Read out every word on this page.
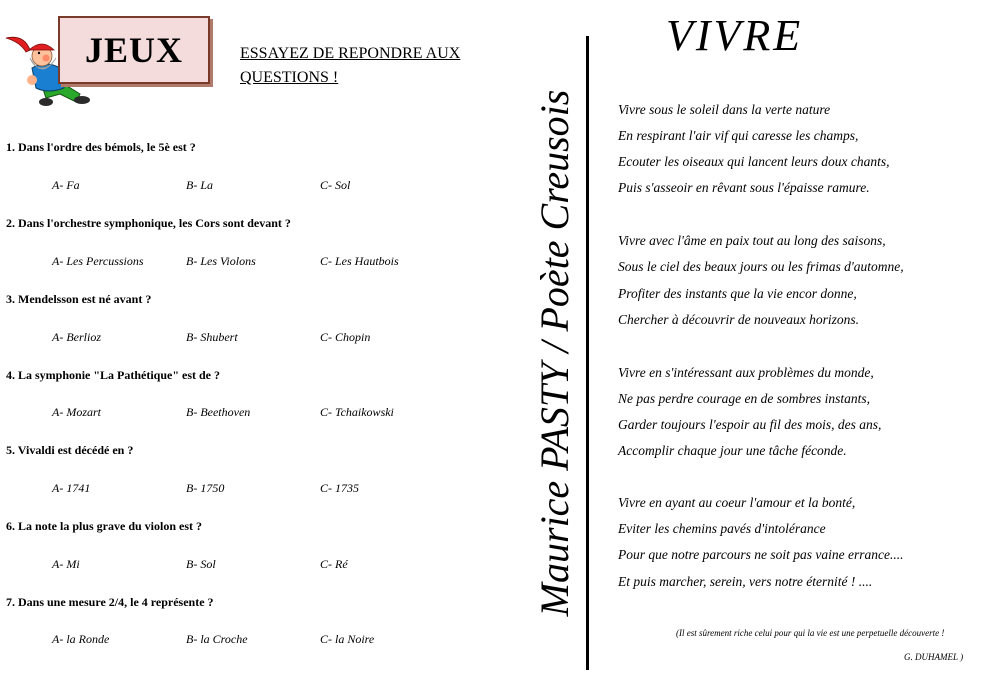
JEUX	ESSAYEZ DE REPONDRE AUX QUESTIONS !
1. Dans l'ordre des bémols, le 5è est ?
A- Fa	B- La	C- Sol
2. Dans l'orchestre symphonique, les Cors sont devant ?
A- Les Percussions	B- Les Violons	C- Les Hautbois
3. Mendelsson est né avant ?
A- Berlioz	B- Shubert	C- Chopin
4. La symphonie "La Pathétique" est de ?
A- Mozart	B- Beethoven	C- Tchaikowski
5. Vivaldi est décédé en ?
A- 1741	B- 1750	C- 1735
6. La note la plus grave du violon est ?
A- Mi	B- Sol	C- Ré
7. Dans une mesure 2/4, le 4 représente ?
A- la Ronde	B- la Croche	C- la Noire
Maurice PASTY / Poète Creusois
VIVRE
Vivre sous le soleil dans la verte nature
En respirant l'air vif qui caresse les champs,
Ecouter les oiseaux qui lancent leurs doux chants,
Puis s'asseoir en rêvant sous l'épaisse ramure.
Vivre avec l'âme en paix tout au long des saisons,
Sous le ciel des beaux jours ou les frimas d'automne,
Profiter des instants que la vie encor donne,
Chercher à découvrir de nouveaux horizons.
Vivre en s'intéressant aux problèmes du monde,
Ne pas perdre courage en de sombres instants,
Garder toujours l'espoir au fil des mois, des ans,
Accomplir chaque jour une tâche féconde.
Vivre en ayant au coeur l'amour et la bonté,
Eviter les chemins pavés d'intolérance
Pour que notre parcours ne soit pas vaine errance....
Et puis marcher, serein, vers notre éternité ! ....
(Il est sûrement riche celui pour qui la vie est une perpetuelle découverte !
G. DUHAMEL )
